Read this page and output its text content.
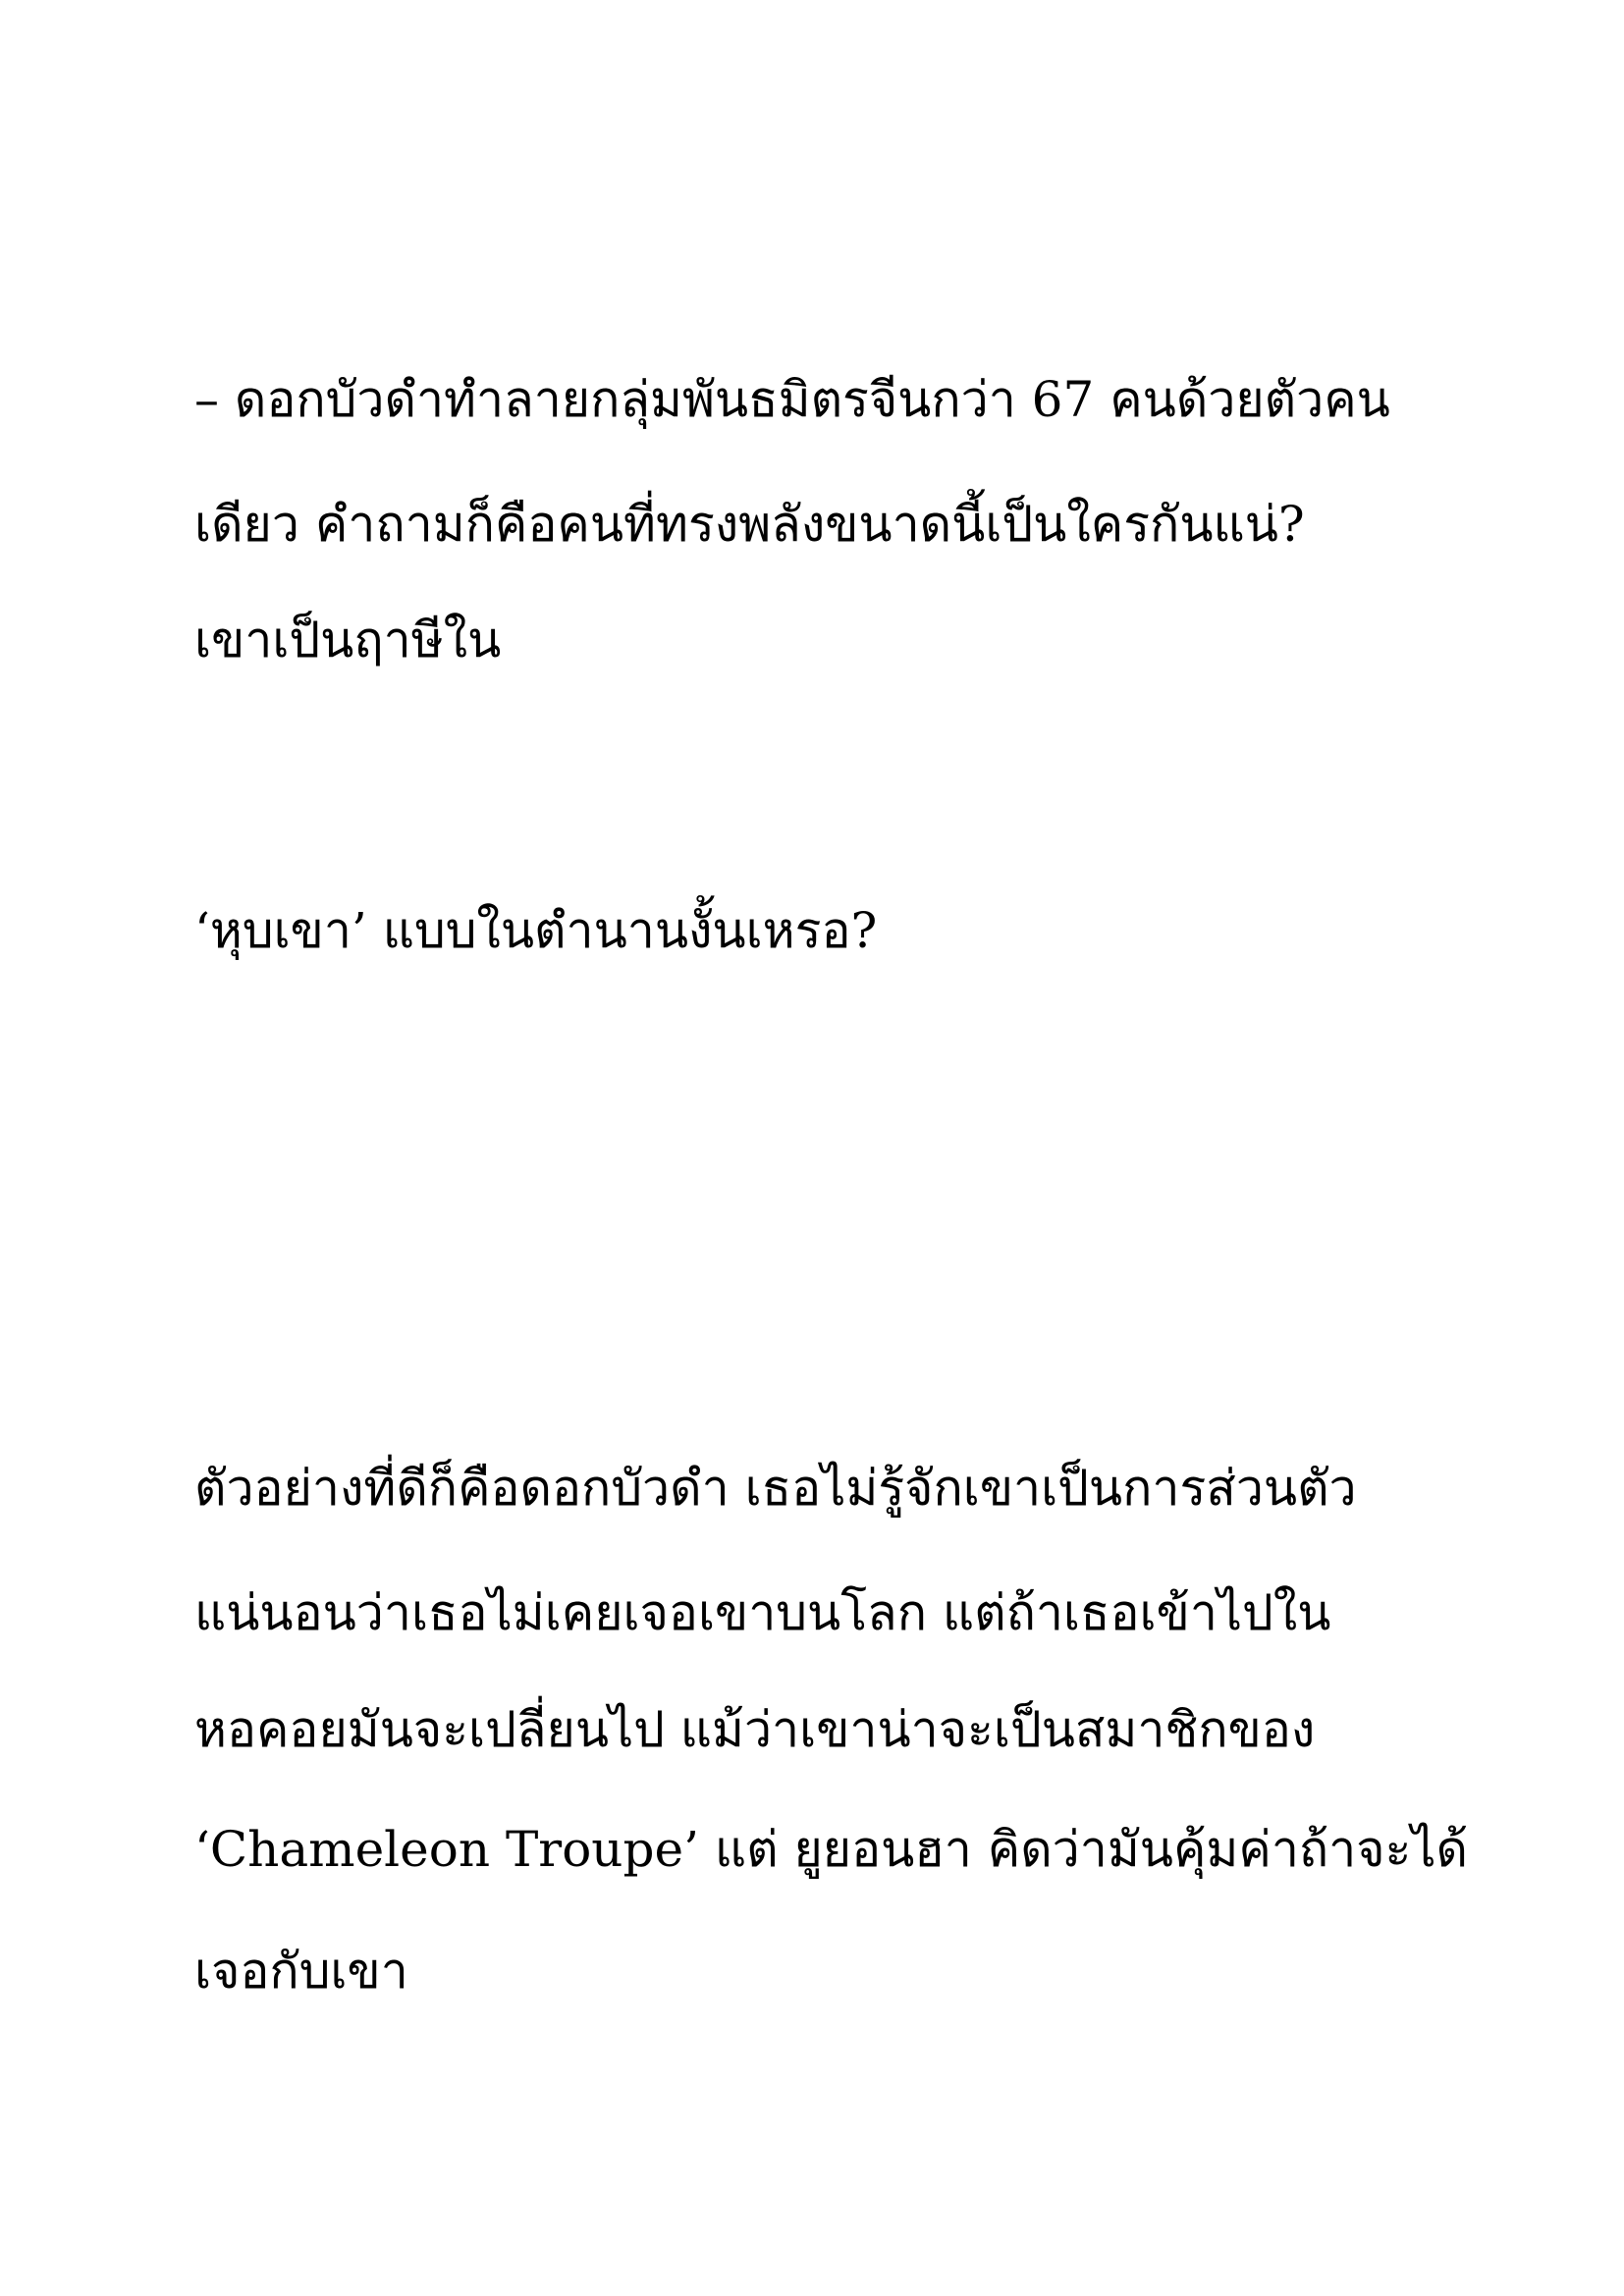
– ดอกบัวดำทำลายกลุ่มพันธมิตรจีนกว่า 67 คนด้วยตัวคน
เดียว คำถามก็คือคนที่ทรงพลังขนาดนี้เป็นใครกันแน่?
เขาเป็นฤาษีใน
‘หุบเขา’ แบบในตำนานงั้นเหรอ?
ตัวอย่างที่ดีก็คือดอกบัวดำ เธอไม่รู้จักเขาเป็นการส่วนตัว
แน่นอนว่าเธอไม่เคยเจอเขาบนโลก แต่ถ้าเธอเข้าไปใน
หอคอยมันจะเปลี่ยนไป แม้ว่าเขาน่าจะเป็นสมาชิกของ
‘Chameleon Troupe’ แต่ ยูยอนฮา คิดว่ามันคุ้มค่าถ้าจะได้
เจอกับเขา
